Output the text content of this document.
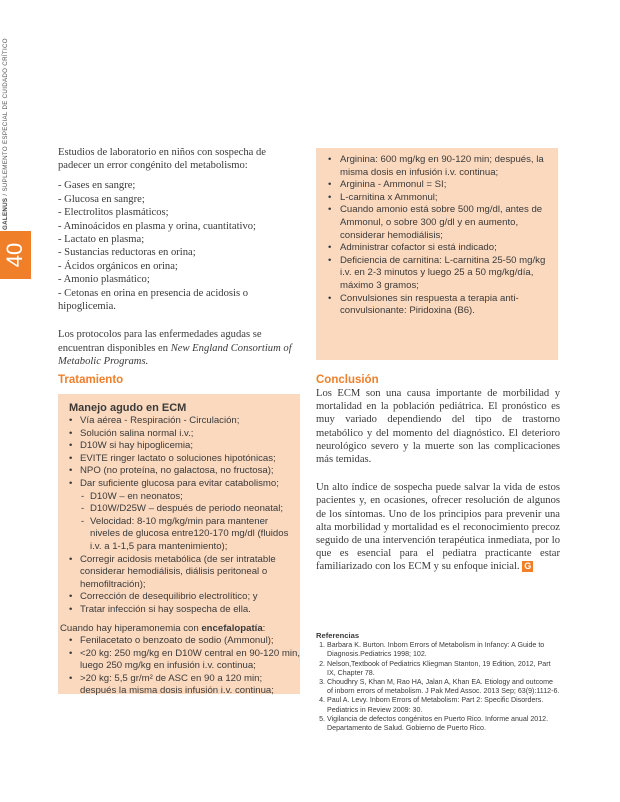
GALENUS / SUPLEMENTO ESPECIAL DE CUIDADO CRÍTICO
40

Estudios de laboratorio en niños con sospecha de padecer un error congénito del metabolismo:

- Gases en sangre;
- Glucosa en sangre;
- Electrolitos plasmáticos;
- Aminoácidos en plasma y orina, cuantitativo;
- Lactato en plasma;
- Sustancias reductoras en orina;
- Ácidos orgánicos en orina;
- Amonio plasmático;
- Cetonas en orina en presencia de acidosis o hipoglicemia.

Los protocolos para las enfermedades agudas se encuentran disponibles en New England Consortium of Metabolic Programs.

Tratamiento
Manejo agudo en ECM
• Vía aérea - Respiración - Circulación;
• Solución salina normal i.v.;
• D10W si hay hipoglicemia;
• EVITE ringer lactato o soluciones hipotónicas;
• NPO (no proteína, no galactosa, no fructosa);
• Dar suficiente glucosa para evitar catabolismo;
- D10W – en neonatos;
- D10W/D25W – después de periodo neonatal;
- Velocidad: 8-10 mg/kg/min para mantener niveles de glucosa entre120-170 mg/dl (fluidos i.v. a 1-1,5 para mantenimiento);
• Corregir acidosis metabólica (de ser intratable considerar hemodiálisis, diálisis peritoneal o hemofiltración);
• Corrección de desequilibrio electrolítico; y
• Tratar infección si hay sospecha de ella.

Cuando hay hiperamonemia con encefalopatía:

• Fenilacetato o benzoato de sodio (Ammonul);
• <20 kg: 250 mg/kg en D10W central en 90-120 min, luego 250 mg/kg en infusión i.v. continua;
• >20 kg: 5,5 gr/m² de ASC en 90 a 120 min; después la misma dosis infusión i.v. continua;
• Arginina: 600 mg/kg en 90-120 min; después, la misma dosis en infusión i.v. continua;
• Arginina - Ammonul = SI;
• L-carnitina x Ammonul;
• Cuando amonio está sobre 500 mg/dl, antes de Ammonul, o sobre 300 g/dl y en aumento, considerar hemodiálisis;
• Administrar cofactor si está indicado;
• Deficiencia de carnitina: L-carnitina 25-50 mg/kg i.v. en 2-3 minutos y luego 25 a 50 mg/kg/día, máximo 3 gramos;
• Convulsiones sin respuesta a terapia anti-convulsionante: Piridoxina (B6).
Conclusión

Los ECM son una causa importante de morbilidad y mortalidad en la población pediátrica. El pronóstico es muy variado dependiendo del tipo de trastorno metabólico y del momento del diagnóstico. El deterioro neurológico severo y la muerte son las complicaciones más temidas.

Un alto índice de sospecha puede salvar la vida de estos pacientes y, en ocasiones, ofrecer resolución de algunos de los síntomas. Uno de los principios para prevenir una alta morbilidad y mortalidad es el reconocimiento precoz seguido de una intervención terapéutica inmediata, por lo que es esencial para el pediatra practicante estar familiarizado con los ECM y su enfoque inicial. G

Referencias
1. Barbara K. Burton. Inborn Errors of Metabolism in Infancy: A Guide to Diagnosis.Pediatrics 1998; 102.
2. Nelson,Textbook of Pediatrics Kliegman Stanton, 19 Edition, 2012, Part IX, Chapter 78.
3. Choudhry S, Khan M, Rao HA, Jalan A, Khan EA. Etiology and outcome of inborn errors of metabolism. J Pak Med Assoc. 2013 Sep; 63(9):1112-6.
4. Paul A. Levy. Inborn Errors of Metabolism: Part 2: Specific Disorders. Pediatrics in Review 2009: 30.
5. Vigilancia de defectos congénitos en Puerto Rico. Informe anual 2012. Departamento de Salud. Gobierno de Puerto Rico.
